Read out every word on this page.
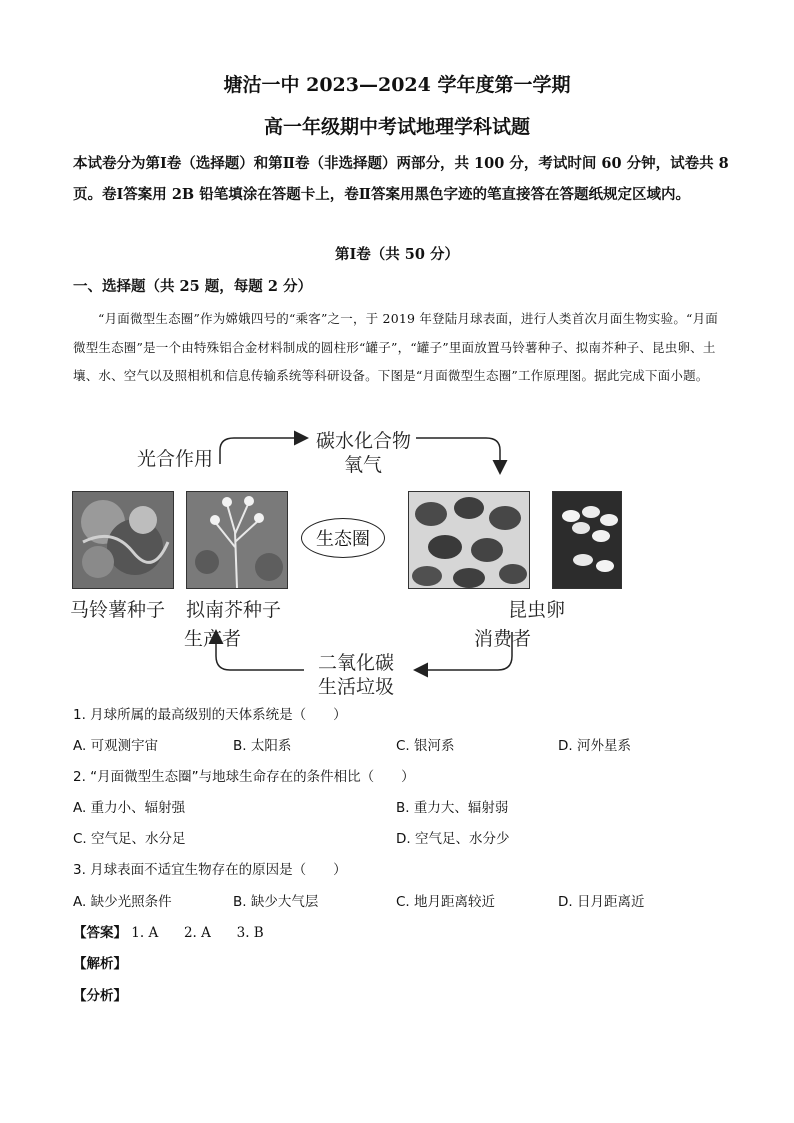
塘沽一中 2023—2024 学年度第一学期
高一年级期中考试地理学科试题
本试卷分为第Ⅰ卷（选择题）和第Ⅱ卷（非选择题）两部分，共 100 分，考试时间 60 分钟，试卷共 8 页。卷Ⅰ答案用 2B 铅笔填涂在答题卡上，卷Ⅱ答案用黑色字迹的笔直接答在答题纸规定区域内。
第Ⅰ卷（共 50 分）
一、选择题（共 25 题，每题 2 分）
“月面微型生态圈”作为嫦娥四号的“乘客”之一，于 2019 年登陆月球表面，进行人类首次月面生物实验。“月面微型生态圈”是一个由特殊铝合金材料制成的圆柱形“罐子”，“罐子”里面放置马铃薯种子、拟南芥种子、昆虫卵、土壤、水、空气以及照相机和信息传输系统等科研设备。下图是“月面微型生态圈”工作原理图。据此完成下面小题。
光合作用
碳水化合物
氧气
生态圈
马铃薯种子 拟南芥种子
生产者
昆虫卵
消费者
二氧化碳
生活垃圾
1. 月球所属的最高级别的天体系统是（　　）
A. 可观测宇宙	B. 太阳系	C. 银河系	D. 河外星系
2. “月面微型生态圈”与地球生命存在的条件相比（　　）
A. 重力小、辐射强	B. 重力大、辐射弱
C. 空气足、水分足	D. 空气足、水分少
3. 月球表面不适宜生物存在的原因是（　　）
A. 缺少光照条件	B. 缺少大气层	C. 地月距离较近	D. 日月距离近
【答案】 1. A 2. A 3. B
【解析】
【分析】
